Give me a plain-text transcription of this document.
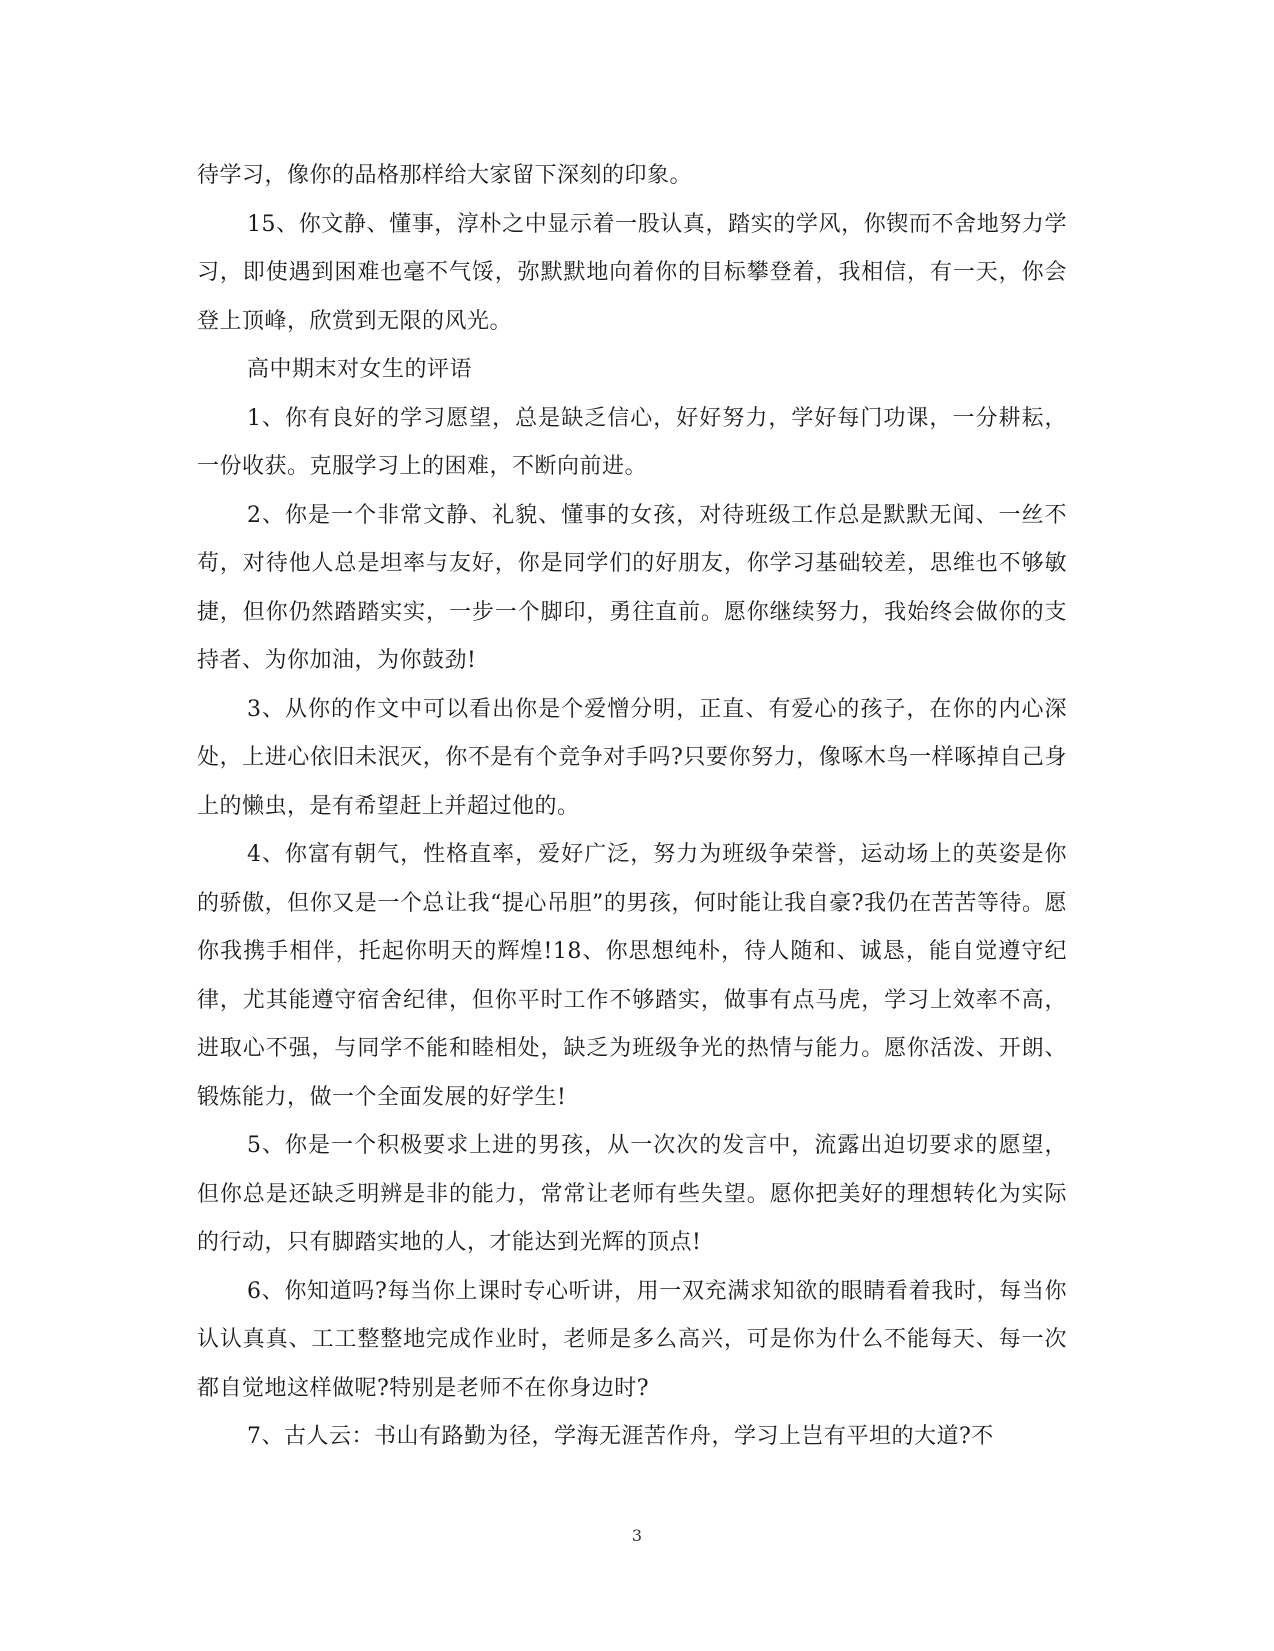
待学习，像你的品格那样给大家留下深刻的印象。

15、你文静、懂事，淳朴之中显示着一股认真，踏实的学风，你锲而不舍地努力学习，即使遇到困难也毫不气馁，弥默默地向着你的目标攀登着，我相信，有一天，你会登上顶峰，欣赏到无限的风光。

高中期末对女生的评语

1、你有良好的学习愿望，总是缺乏信心，好好努力，学好每门功课，一分耕耘，一份收获。克服学习上的困难，不断向前进。

2、你是一个非常文静、礼貌、懂事的女孩，对待班级工作总是默默无闻、一丝不苟，对待他人总是坦率与友好，你是同学们的好朋友，你学习基础较差，思维也不够敏捷，但你仍然踏踏实实，一步一个脚印，勇往直前。愿你继续努力，我始终会做你的支持者、为你加油，为你鼓劲!

3、从你的作文中可以看出你是个爱憎分明，正直、有爱心的孩子，在你的内心深处，上进心依旧未泯灭，你不是有个竞争对手吗?只要你努力，像啄木鸟一样啄掉自己身上的懒虫，是有希望赶上并超过他的。

4、你富有朝气，性格直率，爱好广泛，努力为班级争荣誉，运动场上的英姿是你的骄傲，但你又是一个总让我“提心吊胆”的男孩，何时能让我自豪?我仍在苦苦等待。愿你我携手相伴，托起你明天的辉煌!18、你思想纯朴，待人随和、诚恳，能自觉遵守纪律，尤其能遵守宿舍纪律，但你平时工作不够踏实，做事有点马虎，学习上效率不高，进取心不强，与同学不能和睦相处，缺乏为班级争光的热情与能力。愿你活泼、开朗、锻炼能力，做一个全面发展的好学生!

5、你是一个积极要求上进的男孩，从一次次的发言中，流露出迫切要求的愿望，但你总是还缺乏明辨是非的能力，常常让老师有些失望。愿你把美好的理想转化为实际的行动，只有脚踏实地的人，才能达到光辉的顶点!

6、你知道吗?每当你上课时专心听讲，用一双充满求知欲的眼睛看着我时，每当你认认真真、工工整整地完成作业时，老师是多么高兴，可是你为什么不能每天、每一次都自觉地这样做呢?特别是老师不在你身边时?

7、古人云：书山有路勤为径，学海无涯苦作舟，学习上岂有平坦的大道?不

3
